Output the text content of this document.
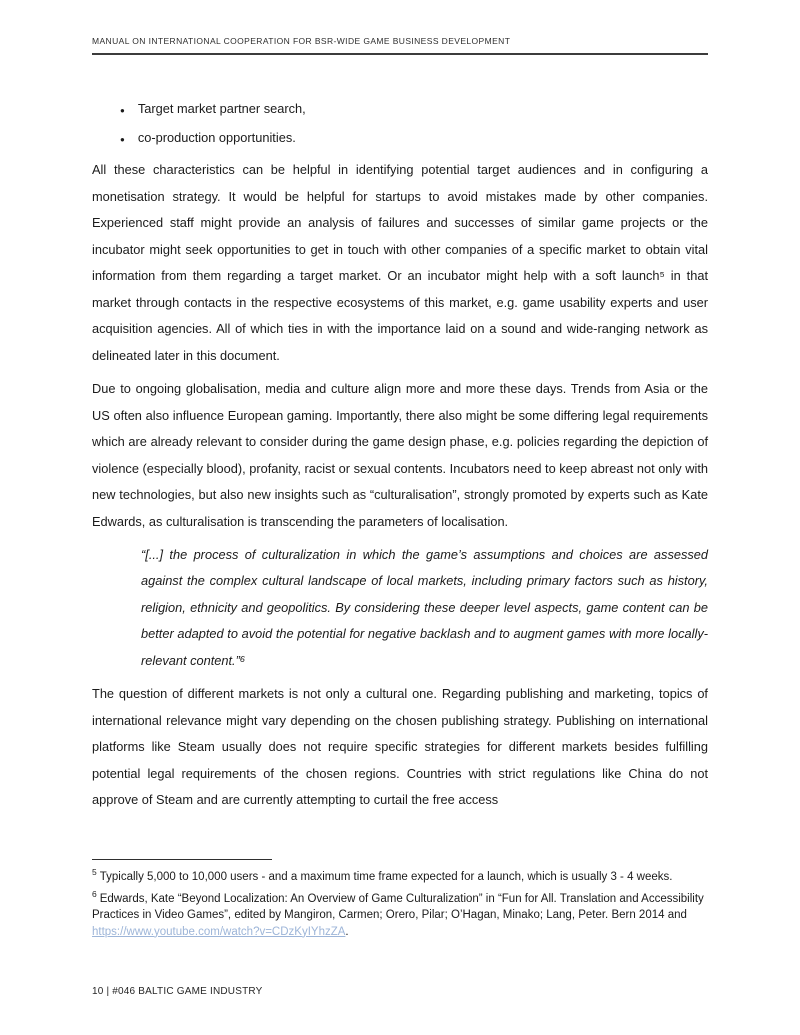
MANUAL ON INTERNATIONAL COOPERATION FOR BSR-WIDE GAME BUSINESS DEVELOPMENT
● Target market partner search,
● co-production opportunities.

All these characteristics can be helpful in identifying potential target audiences and in configuring a monetisation strategy. It would be helpful for startups to avoid mistakes made by other companies. Experienced staff might provide an analysis of failures and successes of similar game projects or the incubator might seek opportunities to get in touch with other companies of a specific market to obtain vital information from them regarding a target market. Or an incubator might help with a soft launch⁵ in that market through contacts in the respective ecosystems of this market, e.g. game usability experts and user acquisition agencies. All of which ties in with the importance laid on a sound and wide-ranging network as delineated later in this document.

Due to ongoing globalisation, media and culture align more and more these days. Trends from Asia or the US often also influence European gaming. Importantly, there also might be some differing legal requirements which are already relevant to consider during the game design phase, e.g. policies regarding the depiction of violence (especially blood), profanity, racist or sexual contents. Incubators need to keep abreast not only with new technologies, but also new insights such as “culturalisation”, strongly promoted by experts such as Kate Edwards, as culturalisation is transcending the parameters of localisation.

“[...] the process of culturalization in which the game’s assumptions and choices are assessed against the complex cultural landscape of local markets, including primary factors such as history, religion, ethnicity and geopolitics. By considering these deeper level aspects, game content can be better adapted to avoid the potential for negative backlash and to augment games with more locally-relevant content.”⁶

The question of different markets is not only a cultural one. Regarding publishing and marketing, topics of international relevance might vary depending on the chosen publishing strategy. Publishing on international platforms like Steam usually does not require specific strategies for different markets besides fulfilling potential legal requirements of the chosen regions. Countries with strict regulations like China do not approve of Steam and are currently attempting to curtail the free access

$^5$ Typically 5,000 to 10,000 users - and a maximum time frame expected for a launch, which is usually 3 - 4 weeks.

$^6$ Edwards, Kate “Beyond Localization: An Overview of Game Culturalization” in “Fun for All. Translation and Accessibility Practices in Video Games”, edited by Mangiron, Carmen; Orero, Pilar; O’Hagan, Minako; Lang, Peter. Bern 2014 and https://www.youtube.com/watch?v=CDzKyIYhzZA.

10 | #046 BALTIC GAME INDUSTRY
